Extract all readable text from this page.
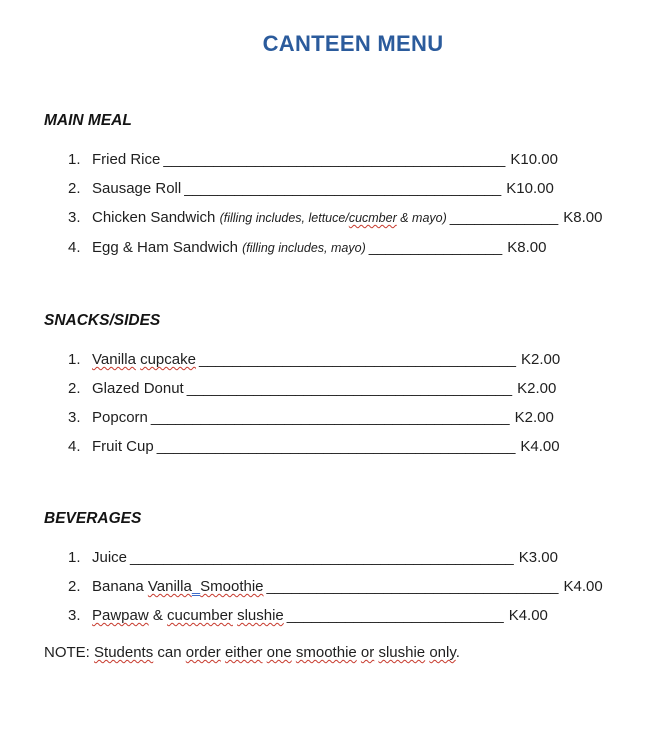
CANTEEN MENU
MAIN MEAL
1. Fried Rice _________________________________________ K10.00
2. Sausage Roll ______________________________________ K10.00
3. Chicken Sandwich (filling includes, lettuce/cucmber & mayo) _____________ K8.00
4. Egg & Ham Sandwich (filling includes, mayo) ________________ K8.00
SNACKS/SIDES
1. Vanilla cupcake ______________________________________ K2.00
2. Glazed Donut _______________________________________ K2.00
3. Popcorn ___________________________________________ K2.00
4. Fruit Cup ___________________________________________ K4.00
BEVERAGES
1. Juice ______________________________________________ K3.00
2. Banana Vanilla Smoothie ___________________________________ K4.00
3. Pawpaw & cucumber slushie __________________________ K4.00

NOTE: Students can order either one smoothie or slushie only.
